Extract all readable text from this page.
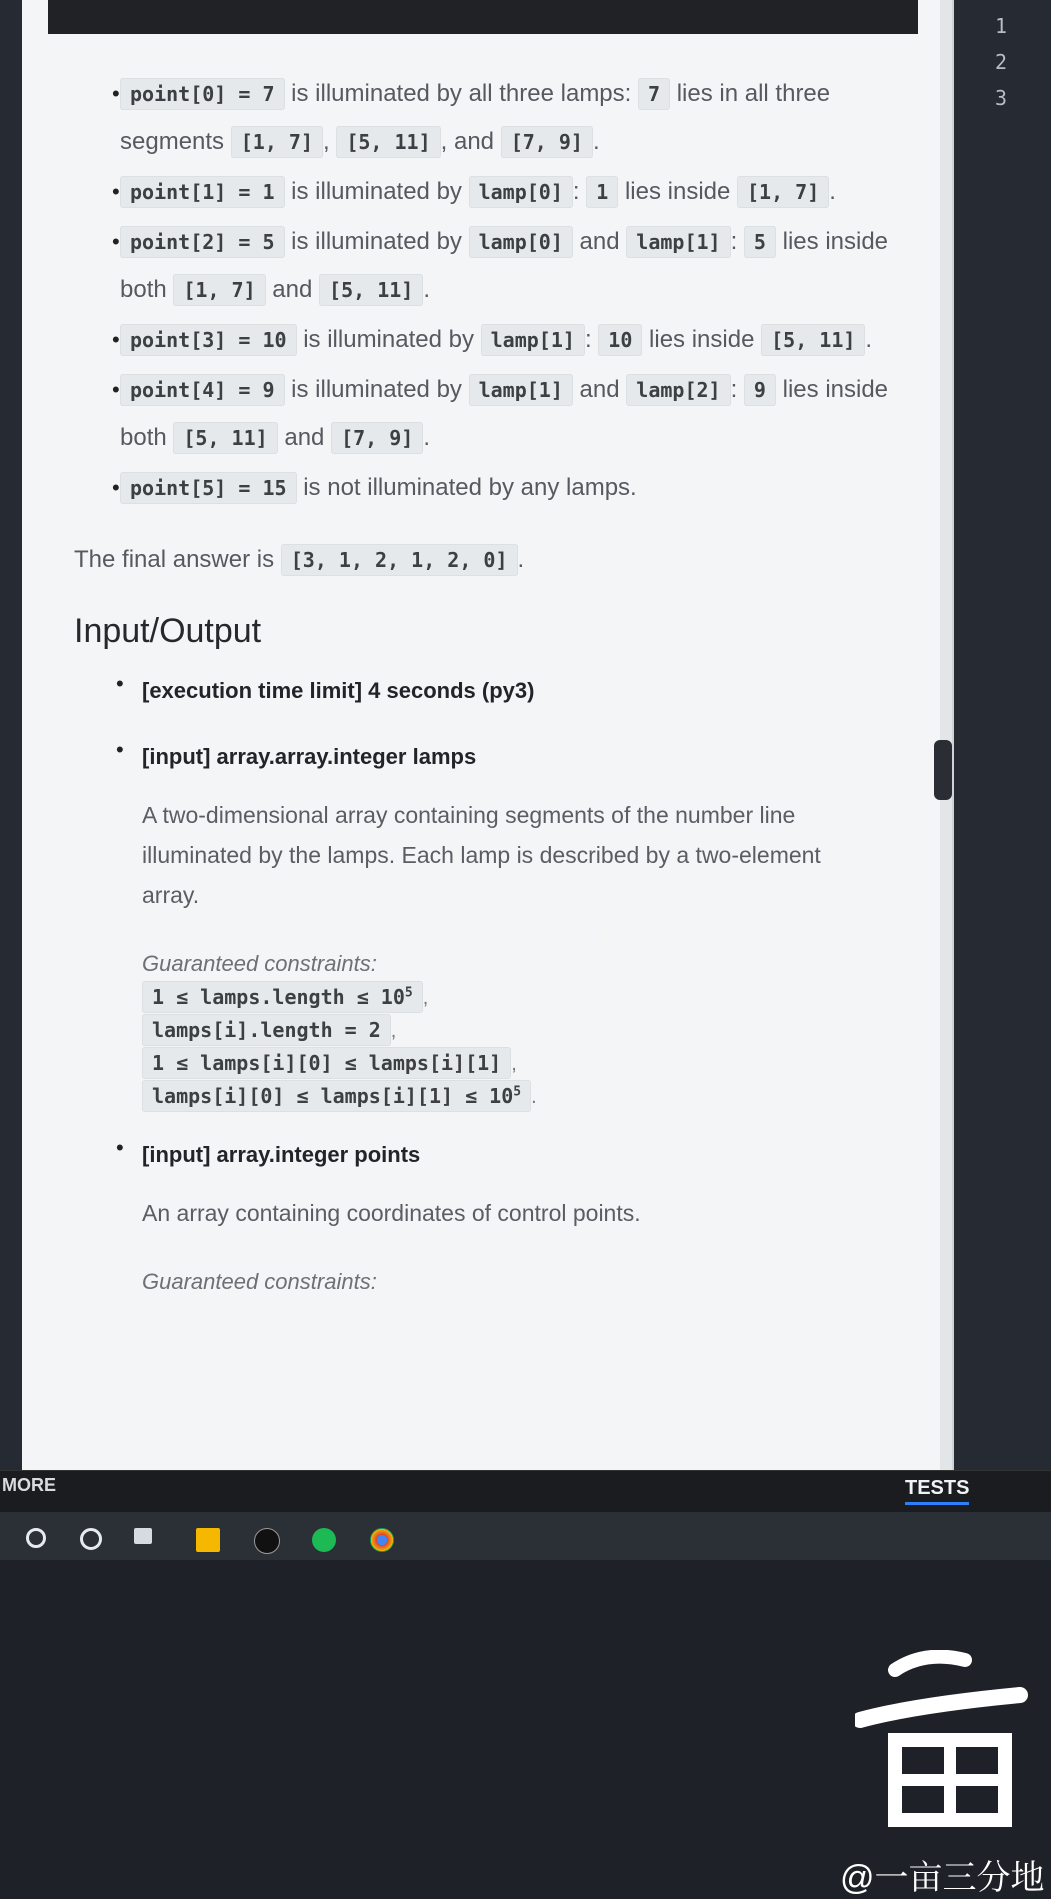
• point[0] = 7 is illuminated by all three lamps: 7 lies in all three segments [1, 7] , [5, 11] , and [7, 9] .
• point[1] = 1 is illuminated by lamp[0] : 1 lies inside [1, 7] .
• point[2] = 5 is illuminated by lamp[0] and lamp[1] : 5 lies inside both [1, 7] and [5, 11] .
• point[3] = 10 is illuminated by lamp[1] : 10 lies inside [5, 11] .
• point[4] = 9 is illuminated by lamp[1] and lamp[2] : 9 lies inside both [5, 11] and [7, 9] .
• point[5] = 15 is not illuminated by any lamps.
The final answer is [3, 1, 2, 1, 2, 0] .
Input/Output
• [execution time limit] 4 seconds (py3)
• [input] array.array.integer lamps
A two-dimensional array containing segments of the number line illuminated by the lamps. Each lamp is described by a two-element array.
Guaranteed constraints:
1 ≤ lamps.length ≤ $10^5$ ,
lamps[i].length = 2 ,
1 ≤ lamps[i][0] ≤ lamps[i][1] ,
lamps[i][0] ≤ lamps[i][1] ≤ $10^5$ .
• [input] array.integer points
An array containing coordinates of control points.
Guaranteed constraints:
1
2
3
MORE	TESTS
@一亩三分地
